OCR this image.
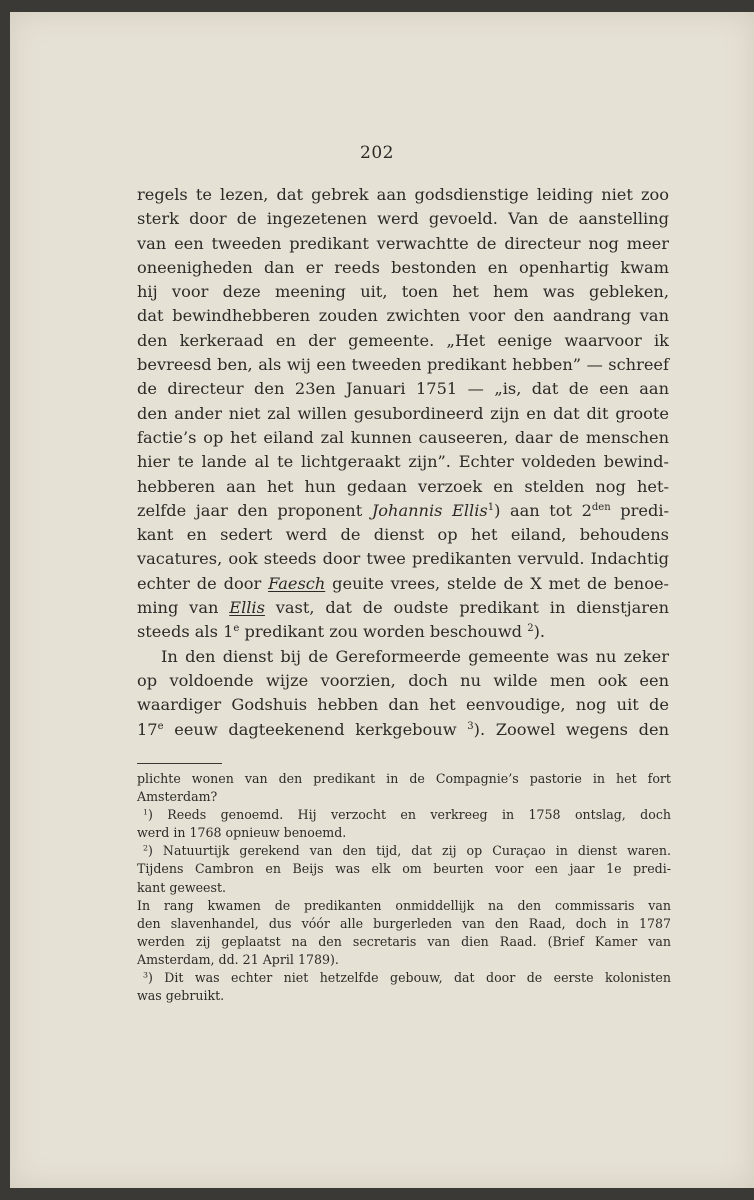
202
regels te lezen, dat gebrek aan godsdienstige leiding niet zoo
sterk door de ingezetenen werd gevoeld. Van de aanstelling
van een tweeden predikant verwachtte de directeur nog meer
oneenigheden dan er reeds bestonden en openhartig kwam
hij voor deze meening uit, toen het hem was gebleken,
dat bewindhebberen zouden zwichten voor den aandrang van
den kerkeraad en der gemeente. „Het eenige waarvoor ik
bevreesd ben, als wij een tweeden predikant hebben” — schreef
de directeur den 23en Januari 1751 — „is, dat de een aan
den ander niet zal willen gesubordineerd zijn en dat dit groote
factie’s op het eiland zal kunnen causeeren, daar de menschen
hier te lande al te lichtgeraakt zijn”. Echter voldeden bewind-
hebberen aan het hun gedaan verzoek en stelden nog het-
zelfde jaar den proponent Johannis Ellis$^1$) aan tot $2^{den}$ predi-
kant en sedert werd de dienst op het eiland, behoudens
vacatures, ook steeds door twee predikanten vervuld. Indachtig
echter de door Faesch geuite vrees, stelde de X met de benoe-
ming van Ellis vast, dat de oudste predikant in dienstjaren
steeds als 1e predikant zou worden beschouwd $^2$).
In den dienst bij de Gereformeerde gemeente was nu zeker
op voldoende wijze voorzien, doch nu wilde men ook een
waardiger Godshuis hebben dan het eenvoudige, nog uit de
17e eeuw dagteekenend kerkgebouw $^3$). Zoowel wegens den
plichte wonen van den predikant in de Compagnie’s pastorie in het fort
Amsterdam?
$^1$) Reeds genoemd. Hij verzocht en verkreeg in 1758 ontslag, doch
werd in 1768 opnieuw benoemd.
$^2$) Natuurtijk gerekend van den tijd, dat zij op Curaçao in dienst waren.
Tijdens Cambron en Beijs was elk om beurten voor een jaar 1e predi-
kant geweest.
In rang kwamen de predikanten onmiddellijk na den commissaris van
den slavenhandel, dus vóór alle burgerleden van den Raad, doch in 1787
werden zij geplaatst na den secretaris van dien Raad. (Brief Kamer van
Amsterdam, dd. 21 April 1789).
$^3$) Dit was echter niet hetzelfde gebouw, dat door de eerste kolonisten
was gebruikt.
